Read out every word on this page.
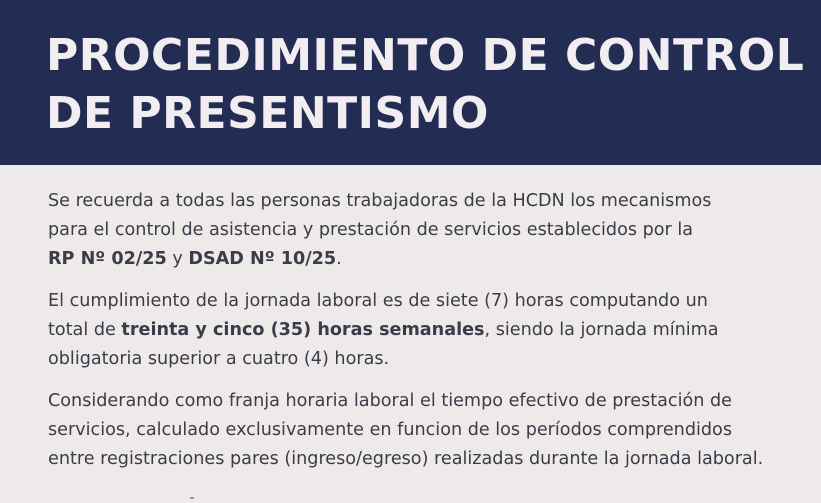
PROCEDIMIENTO DE CONTROL
DE PRESENTISMO

Se recuerda a todas las personas trabajadoras de la HCDN los mecanismos
para el control de asistencia y prestación de servicios establecidos por la
RP Nº 02/25 y DSAD Nº 10/25.

El cumplimiento de la jornada laboral es de siete (7) horas computando un
total de treinta y cinco (35) horas semanales, siendo la jornada mínima
obligatoria superior a cuatro (4) horas.

Considerando como franja horaria laboral el tiempo efectivo de prestación de
servicios, calculado exclusivamente en funcion de los períodos comprendidos
entre registraciones pares (ingreso/egreso) realizadas durante la jornada laboral.
